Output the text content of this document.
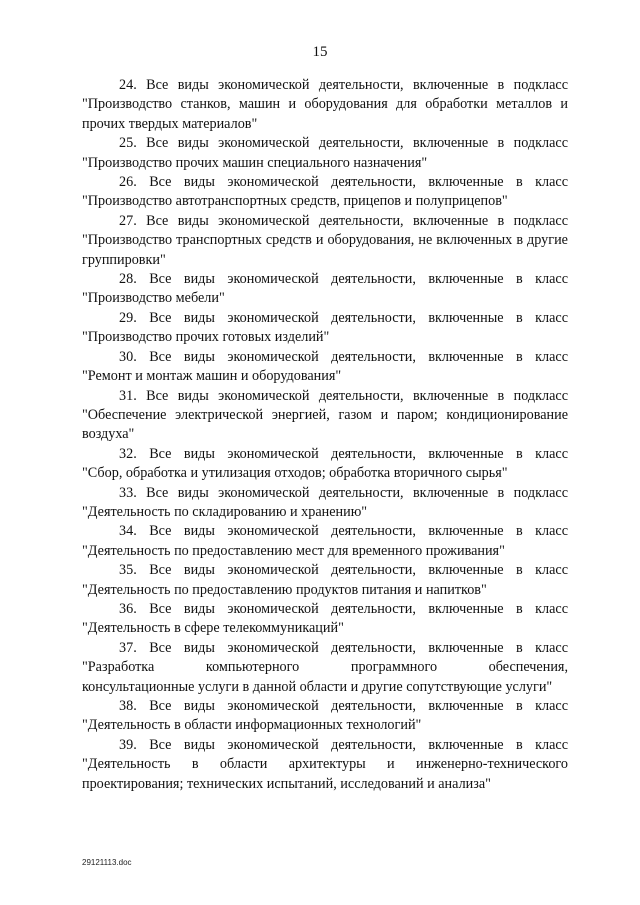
15

24. Все виды экономической деятельности, включенные в подкласс
"Производство станков, машин и оборудования для обработки металлов и прочих твердых материалов"

25. Все виды экономической деятельности, включенные в подкласс
"Производство прочих машин специального назначения"

26. Все виды экономической деятельности, включенные в класс
"Производство автотранспортных средств, прицепов и полуприцепов"

27. Все виды экономической деятельности, включенные в подкласс
"Производство транспортных средств и оборудования, не включенных в другие группировки"

28. Все виды экономической деятельности, включенные в класс
"Производство мебели"

29. Все виды экономической деятельности, включенные в класс
"Производство прочих готовых изделий"

30. Все виды экономической деятельности, включенные в класс
"Ремонт и монтаж машин и оборудования"

31. Все виды экономической деятельности, включенные в подкласс
"Обеспечение электрической энергией, газом и паром; кондиционирование воздуха"

32. Все виды экономической деятельности, включенные в класс
"Сбор, обработка и утилизация отходов; обработка вторичного сырья"

33. Все виды экономической деятельности, включенные в подкласс
"Деятельность по складированию и хранению"

34. Все виды экономической деятельности, включенные в класс
"Деятельность по предоставлению мест для временного проживания"

35. Все виды экономической деятельности, включенные в класс
"Деятельность по предоставлению продуктов питания и напитков"

36. Все виды экономической деятельности, включенные в класс
"Деятельность в сфере телекоммуникаций"

37. Все виды экономической деятельности, включенные в класс
"Разработка компьютерного программного обеспечения,
консультационные услуги в данной области и другие сопутствующие услуги"

38. Все виды экономической деятельности, включенные в класс
"Деятельность в области информационных технологий"

39. Все виды экономической деятельности, включенные в класс
"Деятельность в области архитектуры и инженерно-технического
проектирования; технических испытаний, исследований и анализа"

29121113.doc
